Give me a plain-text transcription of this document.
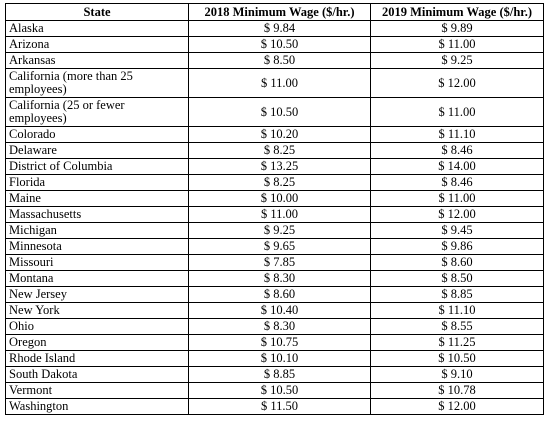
State	2018 Minimum Wage ($/hr.)	2019 Minimum Wage ($/hr.)
Alaska	$ 9.84	$ 9.89
Arizona	$ 10.50	$ 11.00
Arkansas	$ 8.50	$ 9.25
California (more than 25 employees)	$ 11.00	$ 12.00
California (25 or fewer employees)	$ 10.50	$ 11.00
Colorado	$ 10.20	$ 11.10
Delaware	$ 8.25	$ 8.46
District of Columbia	$ 13.25	$ 14.00
Florida	$ 8.25	$ 8.46
Maine	$ 10.00	$ 11.00
Massachusetts	$ 11.00	$ 12.00
Michigan	$ 9.25	$ 9.45
Minnesota	$ 9.65	$ 9.86
Missouri	$ 7.85	$ 8.60
Montana	$ 8.30	$ 8.50
New Jersey	$ 8.60	$ 8.85
New York	$ 10.40	$ 11.10
Ohio	$ 8.30	$ 8.55
Oregon	$ 10.75	$ 11.25
Rhode Island	$ 10.10	$ 10.50
South Dakota	$ 8.85	$ 9.10
Vermont	$ 10.50	$ 10.78
Washington	$ 11.50	$ 12.00
